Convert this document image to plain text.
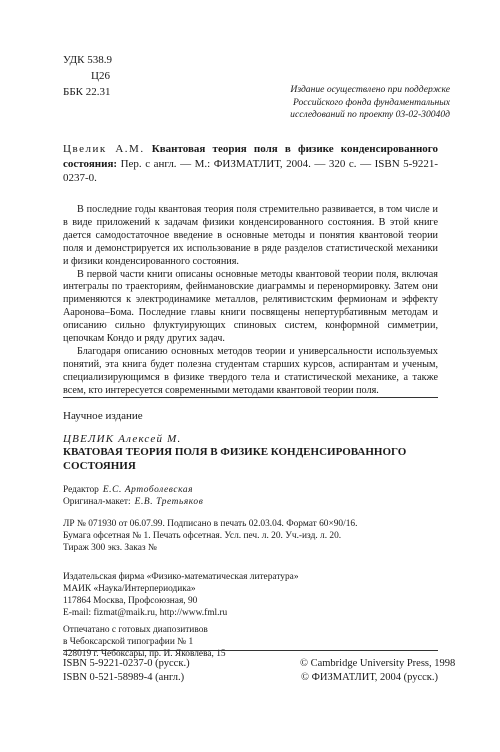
УДК 538.9
Ц26
ББК 22.31	Издание осуществлено при поддержке Российского фонда фундаментальных исследований по проекту 03-02-30040д
Цвелик А.М. Квантовая теория поля в физике конденсированного состояния: Пер. с англ. — М.: ФИЗМАТЛИТ, 2004. — 320 с. — ISBN 5-9221-0237-0.

В последние годы квантовая теория поля стремительно развивается, в том числе и в виде приложений к задачам физики конденсированного состояния. В этой книге дается самодостаточное введение в основные методы и понятия квантовой теории поля и демонстрируется их использование в ряде разделов статистической механики и физики конденсированного состояния.

В первой части книги описаны основные методы квантовой теории поля, включая интегралы по траекториям, фейнмановские диаграммы и перенормировку. Затем они применяются к электродинамике металлов, релятивистским фермионам и эффекту Ааронова–Бома. Последние главы книги посвящены непертурбативным методам и описанию сильно флуктуирующих спиновых систем, конформной симметрии, цепочкам Кондо и ряду других задач.

Благодаря описанию основных методов теории и универсальности используемых понятий, эта книга будет полезна студентам старших курсов, аспирантам и ученым, специализирующимся в физике твердого тела и статистической механике, а также всем, кто интересуется современными методами квантовой теории поля.

Научное издание
ЦВЕЛИК Алексей М.
КВАТОВАЯ ТЕОРИЯ ПОЛЯ В ФИЗИКЕ КОНДЕНСИРОВАННОГО СОСТОЯНИЯ
Редактор Е.С. Артоболевская
Оригинал-макет: Е.В. Третьяков
ЛР № 071930 от 06.07.99. Подписано в печать 02.03.04. Формат 60×90/16.
Бумага офсетная № 1. Печать офсетная. Усл. печ. л. 20. Уч.-изд. л. 20.
Тираж 300 экз. Заказ №
Издательская фирма «Физико-математическая литература»
МАИК «Наука/Интерпериодика»
117864 Москва, Профсоюзная, 90
E-mail: fizmat@maik.ru, http://www.fml.ru
Отпечатано с готовых диапозитивов
в Чебоксарской типографии № 1
428019 г. Чебоксары, пр. И. Яковлева, 15
ISBN 5-9221-0237-0 (русск.)
ISBN 0-521-58989-4 (англ.)
© Cambridge University Press, 1998
© ФИЗМАТЛИТ, 2004 (русск.)
